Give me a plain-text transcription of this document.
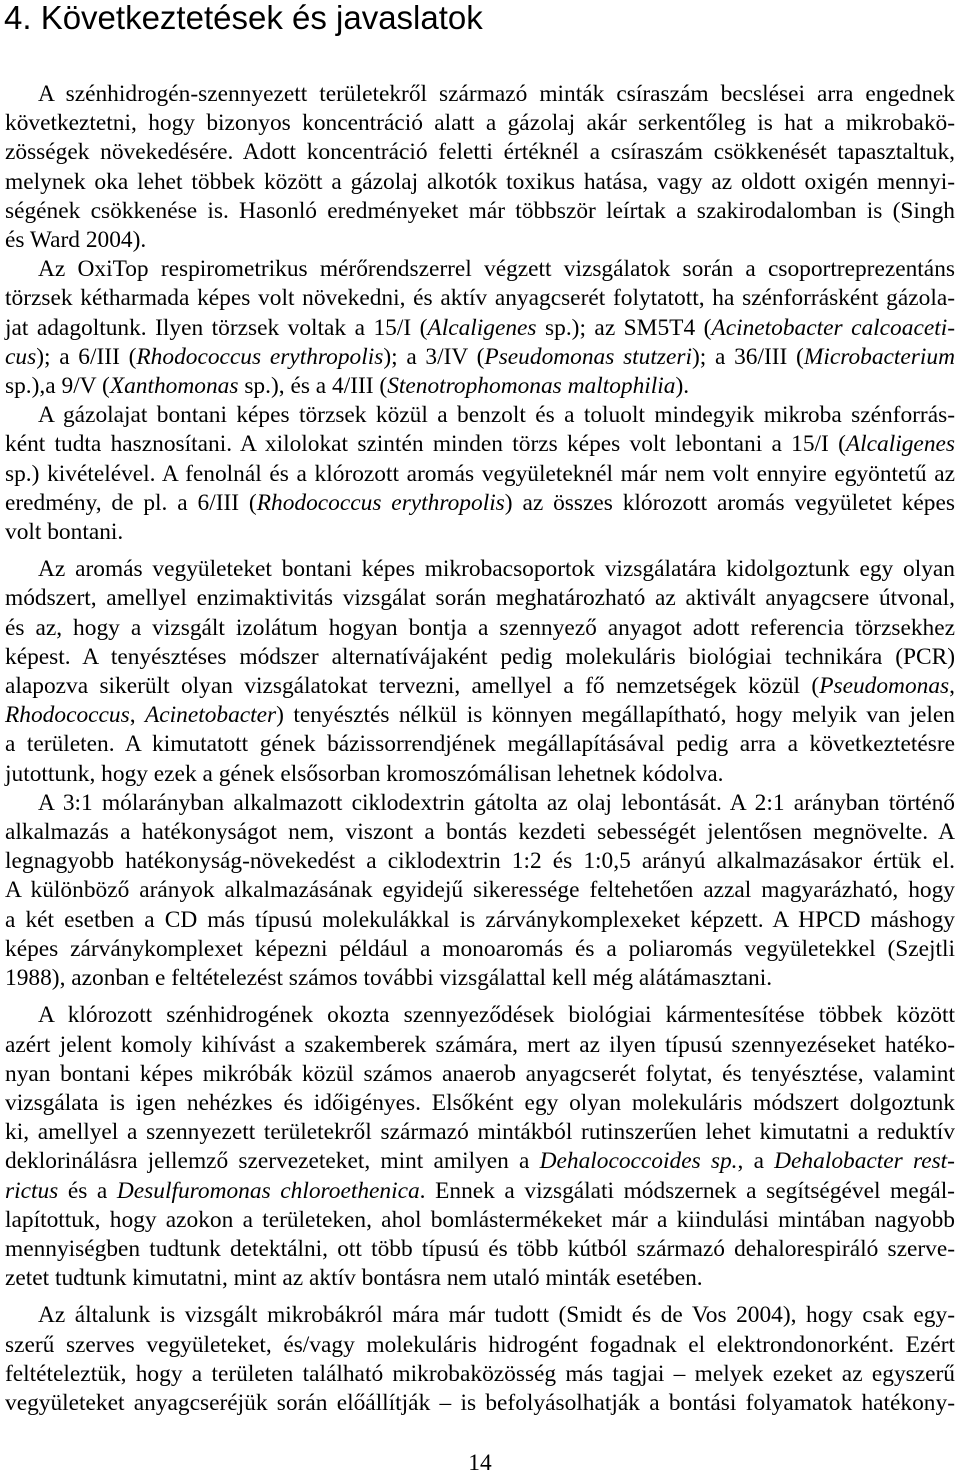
4. Következtetések és javaslatok
A szénhidrogén-szennyezett területekről származó minták csíraszám becslései arra engednek
következtetni, hogy bizonyos koncentráció alatt a gázolaj akár serkentőleg is hat a mikrobakö-
zösségek növekedésére. Adott koncentráció feletti értéknél a csíraszám csökkenését tapasztaltuk,
melynek oka lehet többek között a gázolaj alkotók toxikus hatása, vagy az oldott oxigén mennyi-
ségének csökkenése is. Hasonló eredményeket már többször leírtak a szakirodalomban is (Singh
és Ward 2004).
Az OxiTop respirometrikus mérőrendszerrel végzett vizsgálatok során a csoportreprezentáns
törzsek kétharmada képes volt növekedni, és aktív anyagcserét folytatott, ha szénforrásként gázola-
jat adagoltunk. Ilyen törzsek voltak a 15/I (Alcaligenes sp.); az SM5T4 (Acinetobacter calcoaceti-
cus); a 6/III (Rhodococcus erythropolis); a 3/IV (Pseudomonas stutzeri); a 36/III (Microbacterium
sp.),a 9/V (Xanthomonas sp.), és a 4/III (Stenotrophomonas maltophilia).
A gázolajat bontani képes törzsek közül a benzolt és a toluolt mindegyik mikroba szénforrás-
ként tudta hasznosítani. A xilolokat szintén minden törzs képes volt lebontani a 15/I (Alcaligenes
sp.) kivételével. A fenolnál és a klórozott aromás vegyületeknél már nem volt ennyire egyöntetű az
eredmény, de pl. a 6/III (Rhodococcus erythropolis) az összes klórozott aromás vegyületet képes
volt bontani.
Az aromás vegyületeket bontani képes mikrobacsoportok vizsgálatára kidolgoztunk egy olyan
módszert, amellyel enzimaktivitás vizsgálat során meghatározható az aktivált anyagcsere útvonal,
és az, hogy a vizsgált izolátum hogyan bontja a szennyező anyagot adott referencia törzsekhez
képest. A tenyésztéses módszer alternatívájaként pedig molekuláris biológiai technikára (PCR)
alapozva sikerült olyan vizsgálatokat tervezni, amellyel a fő nemzetségek közül (Pseudomonas,
Rhodococcus, Acinetobacter) tenyésztés nélkül is könnyen megállapítható, hogy melyik van jelen
a területen. A kimutatott gének bázissorrendjének megállapításával pedig arra a következtetésre
jutottunk, hogy ezek a gének elsősorban kromoszómálisan lehetnek kódolva.
A 3:1 mólarányban alkalmazott ciklodextrin gátolta az olaj lebontását. A 2:1 arányban történő
alkalmazás a hatékonyságot nem, viszont a bontás kezdeti sebességét jelentősen megnövelte. A
legnagyobb hatékonyság-növekedést a ciklodextrin 1:2 és 1:0,5 arányú alkalmazásakor értük el.
A különböző arányok alkalmazásának egyidejű sikeressége feltehetően azzal magyarázható, hogy
a két esetben a CD más típusú molekulákkal is zárványkomplexeket képzett. A HPCD máshogy
képes zárványkomplexet képezni például a monoaromás és a poliaromás vegyületekkel (Szejtli
1988), azonban e feltételezést számos további vizsgálattal kell még alátámasztani.
A klórozott szénhidrogének okozta szennyeződések biológiai kármentesítése többek között
azért jelent komoly kihívást a szakemberek számára, mert az ilyen típusú szennyezéseket hatéko-
nyan bontani képes mikróbák közül számos anaerob anyagcserét folytat, és tenyésztése, valamint
vizsgálata is igen nehézkes és időigényes. Elsőként egy olyan molekuláris módszert dolgoztunk
ki, amellyel a szennyezett területekről származó mintákból rutinszerűen lehet kimutatni a reduktív
deklorinálásra jellemző szervezeteket, mint amilyen a Dehalococcoides sp., a Dehalobacter rest-
rictus és a Desulfuromonas chloroethenica. Ennek a vizsgálati módszernek a segítségével megál-
lapítottuk, hogy azokon a területeken, ahol bomlástermékeket már a kiindulási mintában nagyobb
mennyiségben tudtunk detektálni, ott több típusú és több kútból származó dehalorespiráló szerve-
zetet tudtunk kimutatni, mint az aktív bontásra nem utaló minták esetében.
Az általunk is vizsgált mikrobákról mára már tudott (Smidt és de Vos 2004), hogy csak egy-
szerű szerves vegyületeket, és/vagy molekuláris hidrogént fogadnak el elektrondonorként. Ezért
feltételeztük, hogy a területen található mikrobaközösség más tagjai – melyek ezeket az egyszerű
vegyületeket anyagcseréjük során előállítják – is befolyásolhatják a bontási folyamatok hatékony-
14
